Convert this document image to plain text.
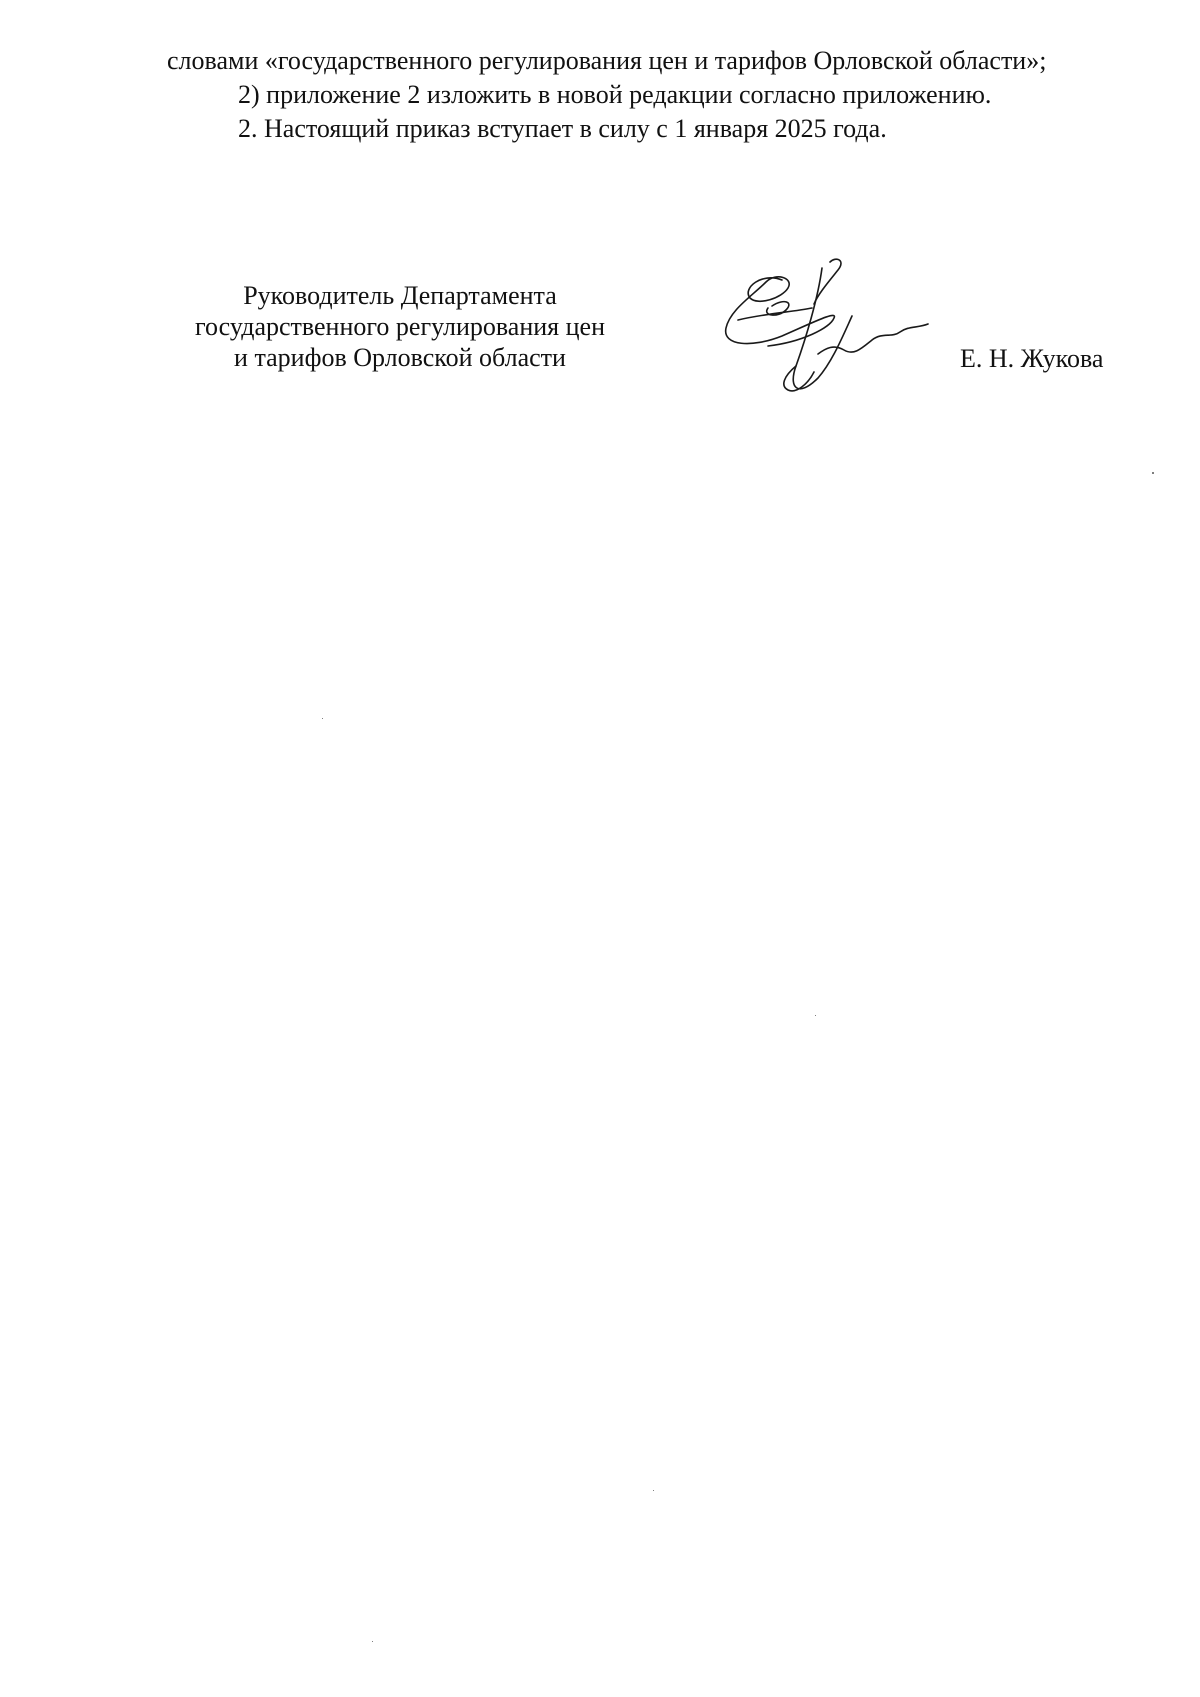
словами «государственного регулирования цен и тарифов Орловской области»;

2) приложение 2 изложить в новой редакции согласно приложению.

2. Настоящий приказ вступает в силу с 1 января 2025 года.

Руководитель Департамента
государственного регулирования цен
и тарифов Орловской области	Е. Н. Жукова
